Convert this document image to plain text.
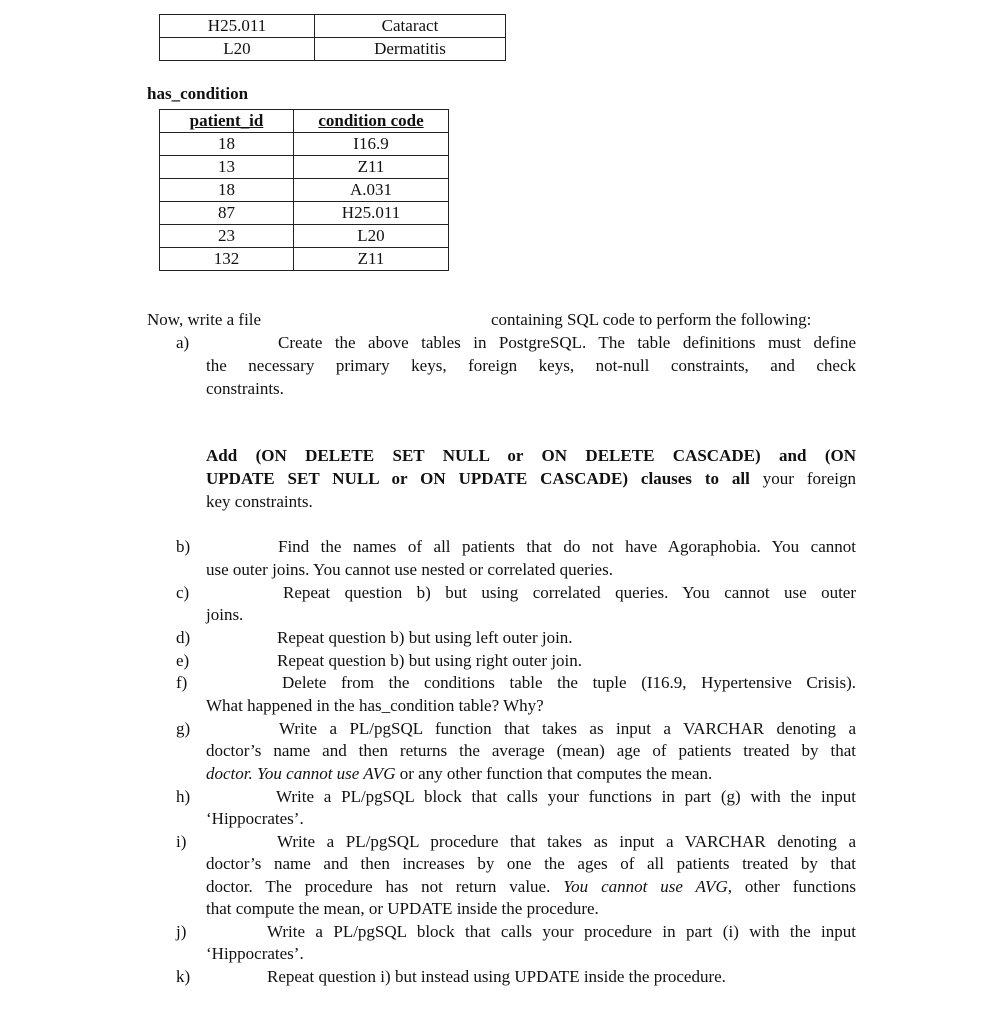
H25.011	Cataract
L20	Dermatitis
has_condition
patient_id	condition code
18	I16.9
13	Z11
18	A.031
87	H25.011
23	L20
132	Z11
Now, write a file	containing SQL code to perform the following:
a)	Create the above tables in PostgreSQL. The table definitions must define
the necessary primary keys, foreign keys, not-null constraints, and check
constraints.
Add (ON DELETE SET NULL or ON DELETE CASCADE) and (ON
UPDATE SET NULL or ON UPDATE CASCADE) clauses to all your foreign
key constraints.
b)	Find the names of all patients that do not have Agoraphobia. You cannot
use outer joins. You cannot use nested or correlated queries.
c)	Repeat question b) but using correlated queries. You cannot use outer
joins.
d)	Repeat question b) but using left outer join.
e)	Repeat question b) but using right outer join.
f)	Delete from the conditions table the tuple (I16.9, Hypertensive Crisis).
What happened in the has_condition table? Why?
g)	Write a PL/pgSQL function that takes as input a VARCHAR denoting a
doctor’s name and then returns the average (mean) age of patients treated by that
doctor. You cannot use AVG or any other function that computes the mean.
h)	Write a PL/pgSQL block that calls your functions in part (g) with the input
‘Hippocrates’.
i)	Write a PL/pgSQL procedure that takes as input a VARCHAR denoting a
doctor’s name and then increases by one the ages of all patients treated by that
doctor. The procedure has not return value. You cannot use AVG, other functions
that compute the mean, or UPDATE inside the procedure.
j)	Write a PL/pgSQL block that calls your procedure in part (i) with the input
‘Hippocrates’.
k)	Repeat question i) but instead using UPDATE inside the procedure.
